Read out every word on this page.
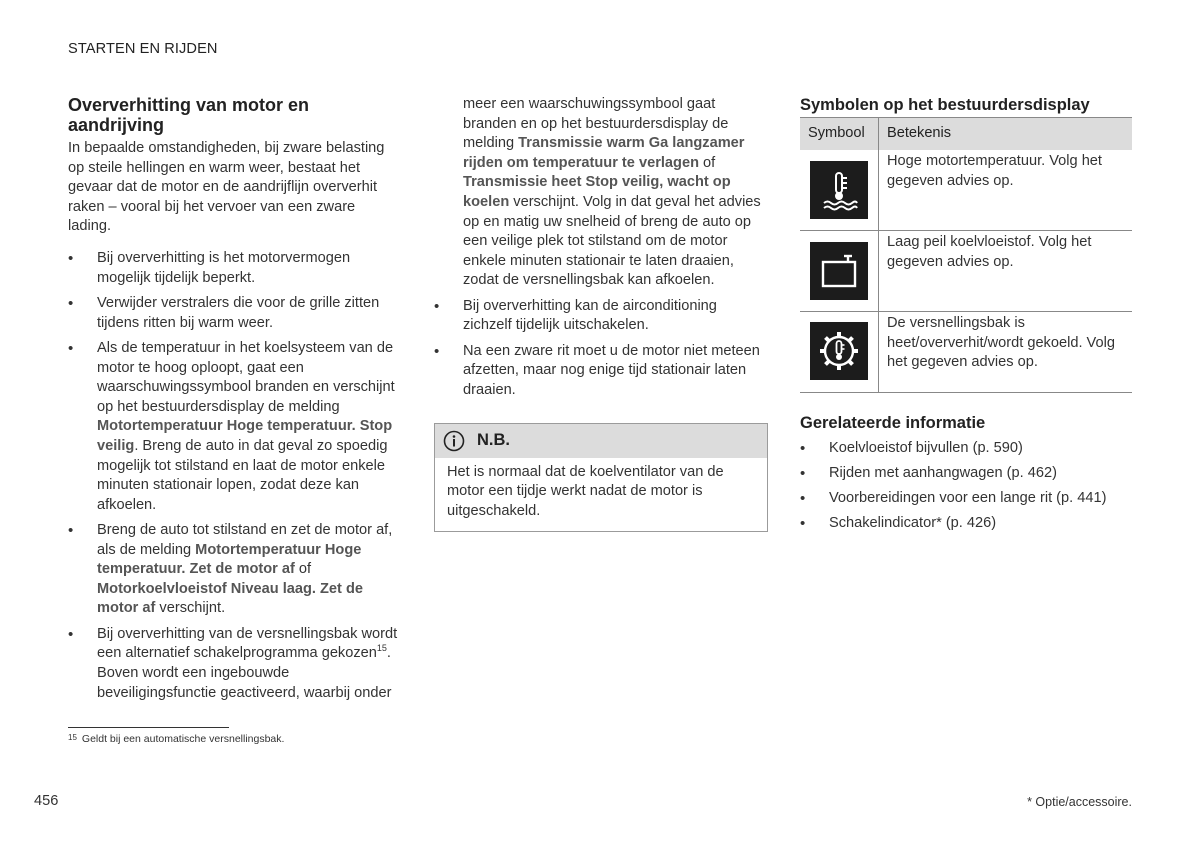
STARTEN EN RIJDEN
Oververhitting van motor en aandrijving

In bepaalde omstandigheden, bij zware belasting op steile hellingen en warm weer, bestaat het gevaar dat de motor en de aandrijflijn oververhit raken – vooral bij het vervoer van een zware lading.

• Bij oververhitting is het motorvermogen mogelijk tijdelijk beperkt.
• Verwijder verstralers die voor de grille zitten tijdens ritten bij warm weer.
• Als de temperatuur in het koelsysteem van de motor te hoog oploopt, gaat een waarschuwingssymbool branden en verschijnt op het bestuurdersdisplay de melding Motortemperatuur Hoge temperatuur. Stop veilig. Breng de auto in dat geval zo spoedig mogelijk tot stilstand en laat de motor enkele minuten stationair lopen, zodat deze kan afkoelen.
• Breng de auto tot stilstand en zet de motor af, als de melding Motortemperatuur Hoge temperatuur. Zet de motor af of Motorkoelvloeistof Niveau laag. Zet de motor af verschijnt.
• Bij oververhitting van de versnellingsbak wordt een alternatief schakelprogramma gekozen$^{15}$. Boven wordt een ingebouwde beveiligingsfunctie geactiveerd, waarbij onder

meer een waarschuwingssymbool gaat branden en op het bestuurdersdisplay de melding Transmissie warm Ga langzamer rijden om temperatuur te verlagen of Transmissie heet Stop veilig, wacht op koelen verschijnt. Volg in dat geval het advies op en matig uw snelheid of breng de auto op een veilige plek tot stilstand om de motor enkele minuten stationair te laten draaien, zodat de versnellingsbak kan afkoelen.

• Bij oververhitting kan de airconditioning zichzelf tijdelijk uitschakelen.
• Na een zware rit moet u de motor niet meteen afzetten, maar nog enige tijd stationair laten draaien.
N.B.
Het is normaal dat de koelventilator van de motor een tijdje werkt nadat de motor is uitgeschakeld.
Symbolen op het bestuurdersdisplay
Symbool	Betekenis

	Hoge motortemperatuur. Volg het gegeven advies op.

	Laag peil koelvloeistof. Volg het gegeven advies op.

	De versnellingsbak is heet/oververhit/wordt gekoeld. Volg het gegeven advies op.
Gerelateerde informatie
• Koelvloeistof bijvullen (p. 590)
• Rijden met aanhangwagen (p. 462)
• Voorbereidingen voor een lange rit (p. 441)
• Schakelindicator* (p. 426)
$^{15}$ Geldt bij een automatische versnellingsbak.
456	* Optie/accessoire.
